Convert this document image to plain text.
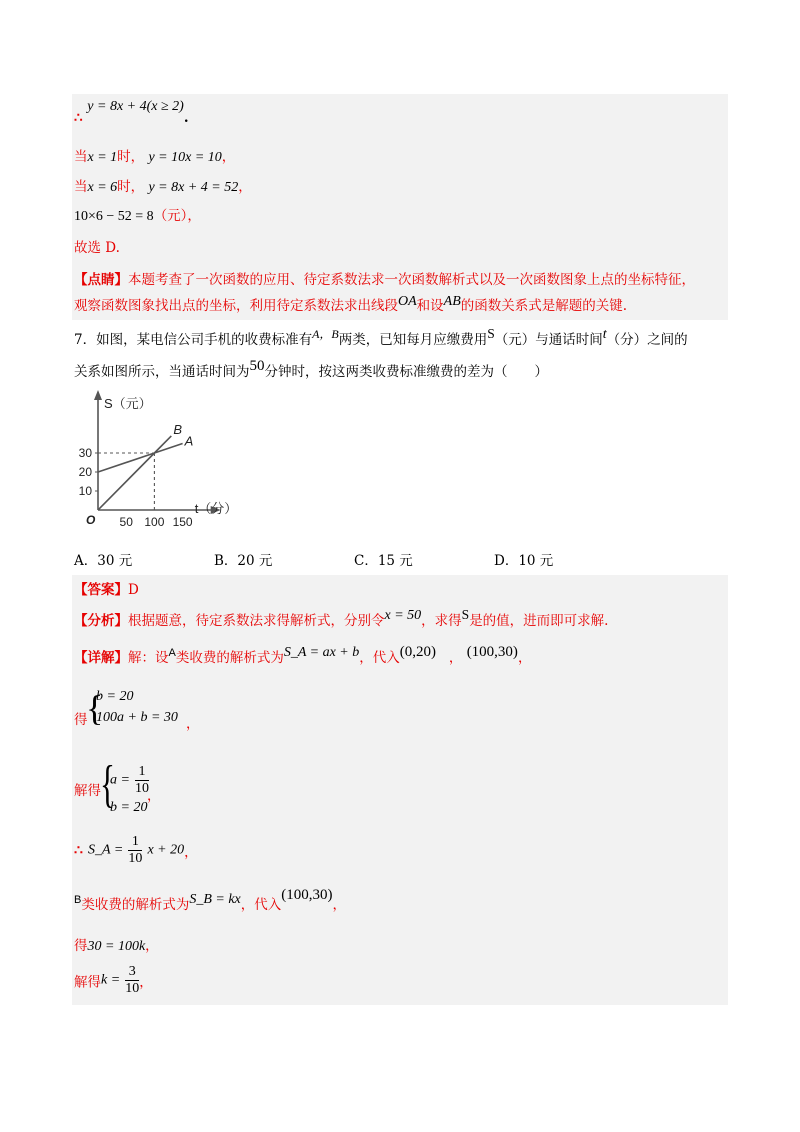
∴ y = 8x + 4(x ≥ 2).
当x = 1时， y = 10x = 10，
当x = 6时， y = 8x + 4 = 52，
10×6 − 52 = 8（元），
故选 D.
【点睛】本题考查了一次函数的应用、待定系数法求一次函数解析式以及一次函数图象上点的坐标特征，
观察函数图象找出点的坐标，利用待定系数法求出线段OA和设AB的函数关系式是解题的关键.
7．如图，某电信公司手机的收费标准有A，B两类，已知每月应缴费用S（元）与通话时间t（分）之间的
关系如图所示，当通话时间为50分钟时，按这两类收费标准缴费的差为（　　）
50 100 150
10
20
30
A
B
S（元）
t（分）
O
A．30 元	B．20 元	C．15 元	D．10 元
【答案】D
【分析】根据题意，待定系数法求得解析式，分别令x = 50，求得S是的值，进而即可求解.
【详解】解：设$^A$类收费的解析式为S_A = ax + b，代入(0,20) ， (100,30)，
得
{
b = 20
100a + b = 30 ，
解得 {
$a = \frac{1}{10}$
b = 20
，
∴ S_A = $\frac{1}{10}$ x + 20，
$^B$类收费的解析式为S_B = kx，代入(100,30)，
得30 = 100k，
解得$k = \frac{3}{10}$ ，
